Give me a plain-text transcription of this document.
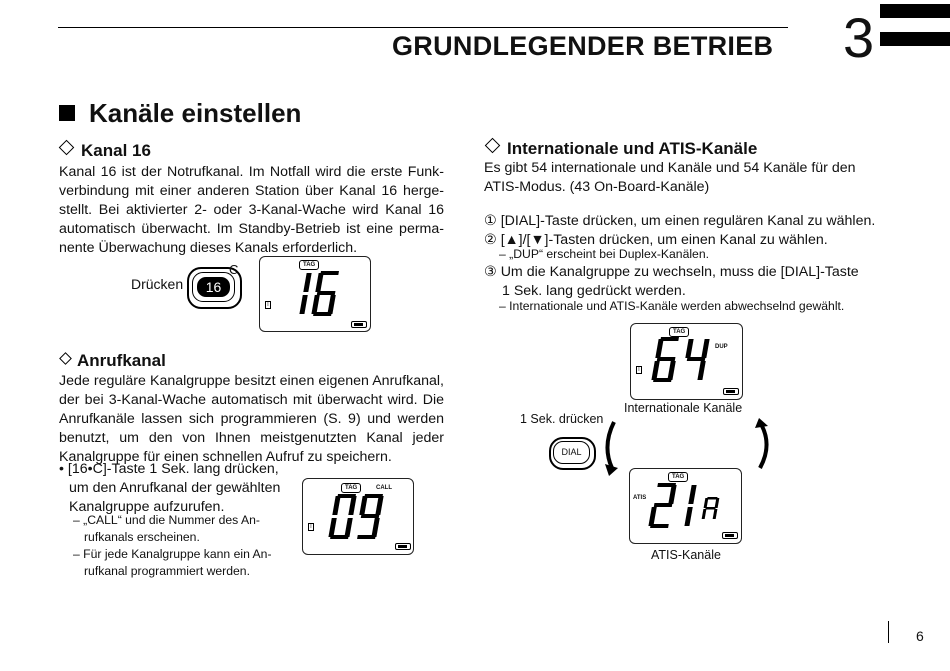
GRUNDLEGENDER BETRIEB 3
Kanäle einstellen
Kanal 16
Kanal 16 ist der Notrufkanal. Im Notfall wird die erste Funk-
verbindung mit einer anderen Station über Kanal 16 herge-
stellt. Bei aktivierter 2- oder 3-Kanal-Wache wird Kanal 16
automatisch überwacht. Im Standby-Betrieb ist eine perma-
nente Überwachung dieses Kanals erforderlich.
Drücken	16
C	TAG
I
Anrufkanal
Jede reguläre Kanalgruppe besitzt einen eigenen Anrufkanal,
der bei 3-Kanal-Wache automatisch mit überwacht wird. Die
Anrufkanäle lassen sich programmieren (S. 9) und werden
benutzt, um den von Ihnen meistgenutzten Kanal jeder
Kanalgruppe für einen schnellen Aufruf zu speichern.
• [16•C]-Taste 1 Sek. lang drücken,
um den Anrufkanal der gewählten
Kanalgruppe aufzurufen.
– „CALL“ und die Nummer des An-
rufkanals erscheinen.
– Für jede Kanalgruppe kann ein An-
rufkanal programmiert werden.
TAG	CALL
I
Internationale und ATIS-Kanäle
Es gibt 54 internationale und Kanäle und 54 Kanäle für den
ATIS-Modus. (43 On-Board-Kanäle)
① [DIAL]-Taste drücken, um einen regulären Kanal zu wählen.
② [▲]/[▼]-Tasten drücken, um einen Kanal zu wählen.
– „DUP“ erscheint bei Duplex-Kanälen.
③ Um die Kanalgruppe zu wechseln, muss die [DIAL]-Taste
1 Sek. lang gedrückt werden.
– Internationale und ATIS-Kanäle werden abwechselnd gewählt.
TAG
DUP
I
Internationale Kanäle
1 Sek. drücken
DIAL
TAG
ATIS
ATIS-Kanäle
6
